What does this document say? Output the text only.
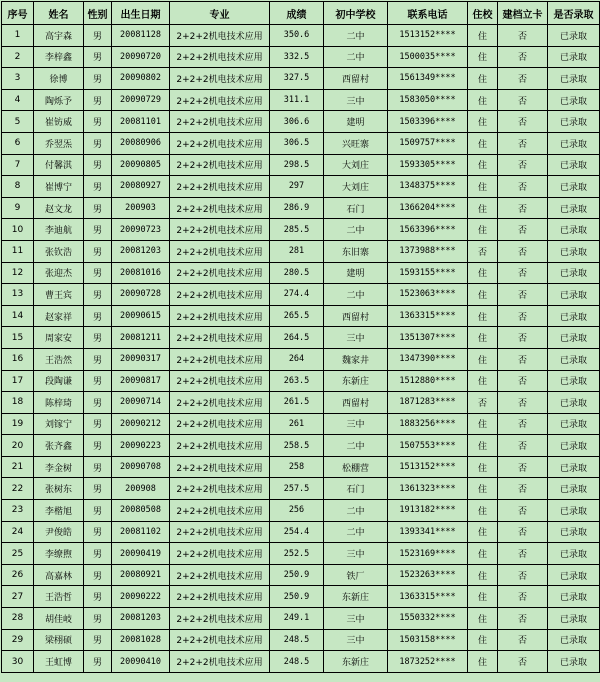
序号	姓名	性别	出生日期	专业	成绩	初中学校	联系电话	住校	建档立卡	是否录取
1	高宇森	男	20081128	2+2+2机电技术应用	350.6	二中	1513152****	住	否	已录取
2	李梓鑫	男	20090720	2+2+2机电技术应用	332.5	二中	1500035****	住	否	已录取
3	徐博	男	20090802	2+2+2机电技术应用	327.5	西留村	1561349****	住	否	已录取
4	陶烁予	男	20090729	2+2+2机电技术应用	311.1	三中	1583050****	住	否	已录取
5	崔钫威	男	20081101	2+2+2机电技术应用	306.6	建明	1503396****	住	否	已录取
6	乔翌炁	男	20080906	2+2+2机电技术应用	306.5	兴旺寨	1509757****	住	否	已录取
7	付馨淇	男	20090805	2+2+2机电技术应用	298.5	大刘庄	1593305****	住	否	已录取
8	崔博宁	男	20080927	2+2+2机电技术应用	297	大刘庄	1348375****	住	否	已录取
9	赵文龙	男	200903	2+2+2机电技术应用	286.9	石门	1366204****	住	否	已录取
10	李迪航	男	20090723	2+2+2机电技术应用	285.5	二中	1563396****	住	否	已录取
11	张钦浩	男	20081203	2+2+2机电技术应用	281	东旧寨	1373988****	否	否	已录取
12	张迎杰	男	20081016	2+2+2机电技术应用	280.5	建明	1593155****	住	否	已录取
13	曹王宾	男	20090728	2+2+2机电技术应用	274.4	二中	1523063****	住	否	已录取
14	赵家祥	男	20090615	2+2+2机电技术应用	265.5	西留村	1363315****	住	否	已录取
15	周家安	男	20081211	2+2+2机电技术应用	264.5	三中	1351307****	住	否	已录取
16	王浩然	男	20090317	2+2+2机电技术应用	264	魏家井	1347390****	住	否	已录取
17	段陶谦	男	20090817	2+2+2机电技术应用	263.5	东新庄	1512880****	住	否	已录取
18	陈梓琦	男	20090714	2+2+2机电技术应用	261.5	西留村	1871283****	否	否	已录取
19	刘镓宁	男	20090212	2+2+2机电技术应用	261	三中	1883256****	住	否	已录取
20	张齐鑫	男	20090223	2+2+2机电技术应用	258.5	二中	1507553****	住	否	已录取
21	李金树	男	20090708	2+2+2机电技术应用	258	松棚营	1513152****	住	否	已录取
22	张树东	男	200908	2+2+2机电技术应用	257.5	石门	1361323****	住	否	已录取
23	李楷旭	男	20080508	2+2+2机电技术应用	256	二中	1913182****	住	否	已录取
24	尹俊皓	男	20081102	2+2+2机电技术应用	254.4	二中	1393341****	住	否	已录取
25	李缭煦	男	20090419	2+2+2机电技术应用	252.5	三中	1523169****	住	否	已录取
26	高嘉林	男	20080921	2+2+2机电技术应用	250.9	铁厂	1523263****	住	否	已录取
27	王浩哲	男	20090222	2+2+2机电技术应用	250.9	东新庄	1363315****	住	否	已录取
28	胡佳岐	男	20081203	2+2+2机电技术应用	249.1	三中	1550332****	住	否	已录取
29	梁栩硕	男	20081028	2+2+2机电技术应用	248.5	三中	1503158****	住	否	已录取
30	王虹博	男	20090410	2+2+2机电技术应用	248.5	东新庄	1873252****	住	否	已录取
